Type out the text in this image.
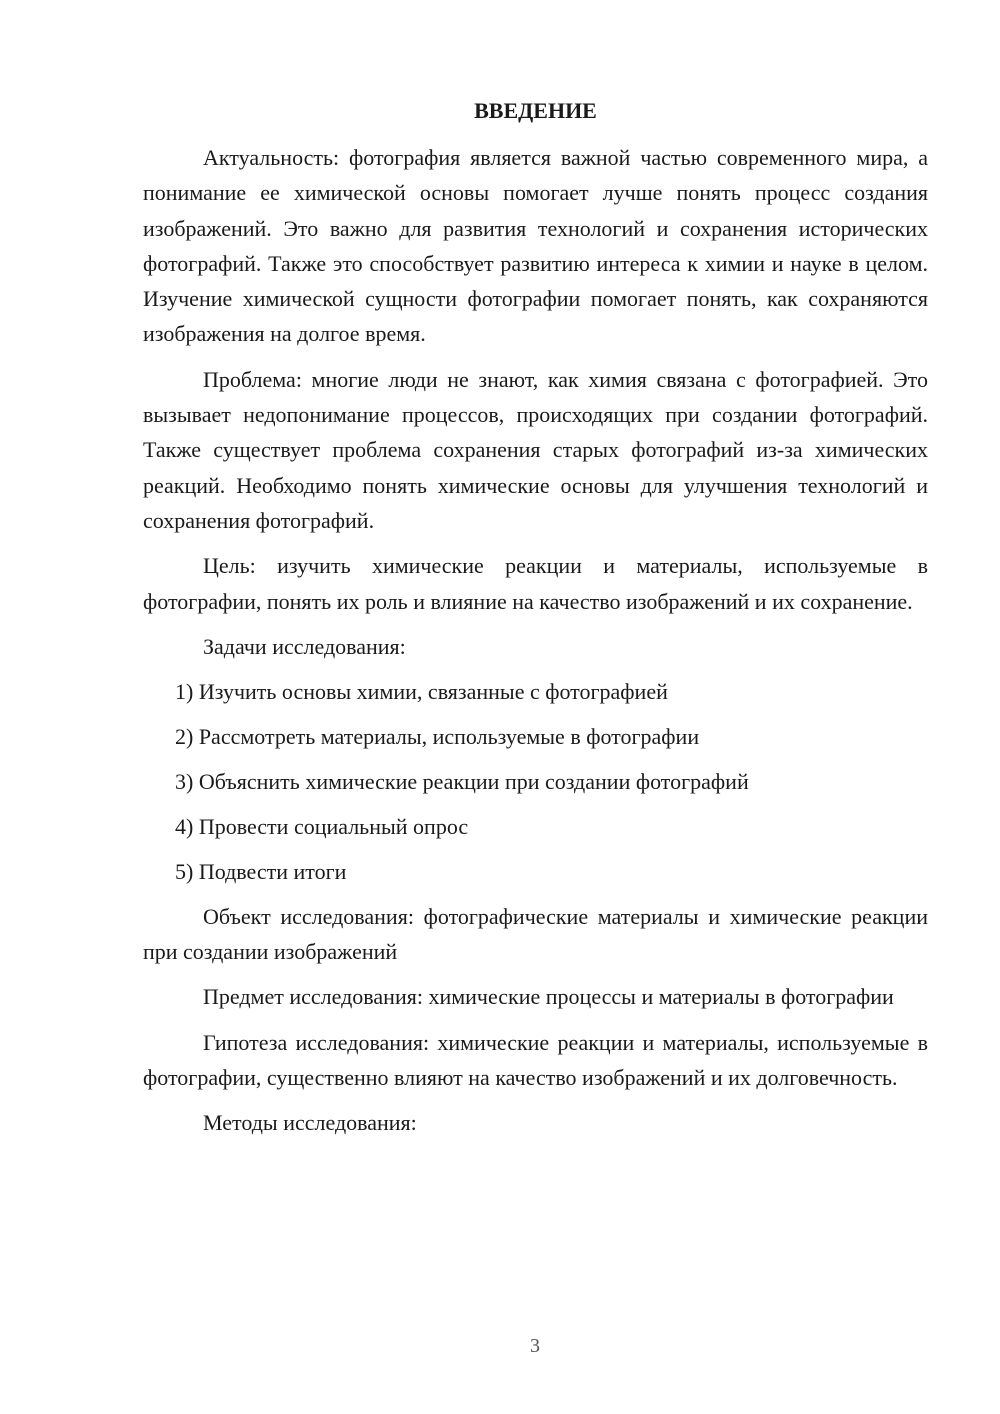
ВВЕДЕНИЕ

Актуальность: фотография является важной частью современного мира, а понимание ее химической основы помогает лучше понять процесс создания изображений. Это важно для развития технологий и сохранения исторических фотографий. Также это способствует развитию интереса к химии и науке в целом. Изучение химической сущности фотографии помогает понять, как сохраняются изображения на долгое время.

Проблема: многие люди не знают, как химия связана с фотографией. Это вызывает недопонимание процессов, происходящих при создании фотографий. Также существует проблема сохранения старых фотографий из-за химических реакций. Необходимо понять химические основы для улучшения технологий и сохранения фотографий.

Цель: изучить химические реакции и материалы, используемые в фотографии, понять их роль и влияние на качество изображений и их сохранение.

Задачи исследования:
1) Изучить основы химии, связанные с фотографией
2) Рассмотреть материалы, используемые в фотографии
3) Объяснить химические реакции при создании фотографий
4) Провести социальный опрос
5) Подвести итоги

Объект исследования: фотографические материалы и химические реакции при создании изображений

Предмет исследования: химические процессы и материалы в фотографии

Гипотеза исследования: химические реакции и материалы, используемые в фотографии, существенно влияют на качество изображений и их долговечность.

Методы исследования:
3
